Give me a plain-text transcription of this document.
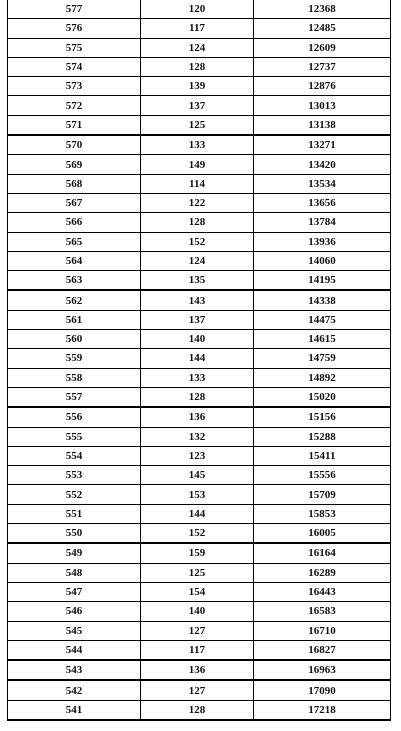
577	120	12368
576	117	12485
575	124	12609
574	128	12737
573	139	12876
572	137	13013
571	125	13138
570	133	13271
569	149	13420
568	114	13534
567	122	13656
566	128	13784
565	152	13936
564	124	14060
563	135	14195
562	143	14338
561	137	14475
560	140	14615
559	144	14759
558	133	14892
557	128	15020
556	136	15156
555	132	15288
554	123	15411
553	145	15556
552	153	15709
551	144	15853
550	152	16005
549	159	16164
548	125	16289
547	154	16443
546	140	16583
545	127	16710
544	117	16827
543	136	16963
542	127	17090
541	128	17218
